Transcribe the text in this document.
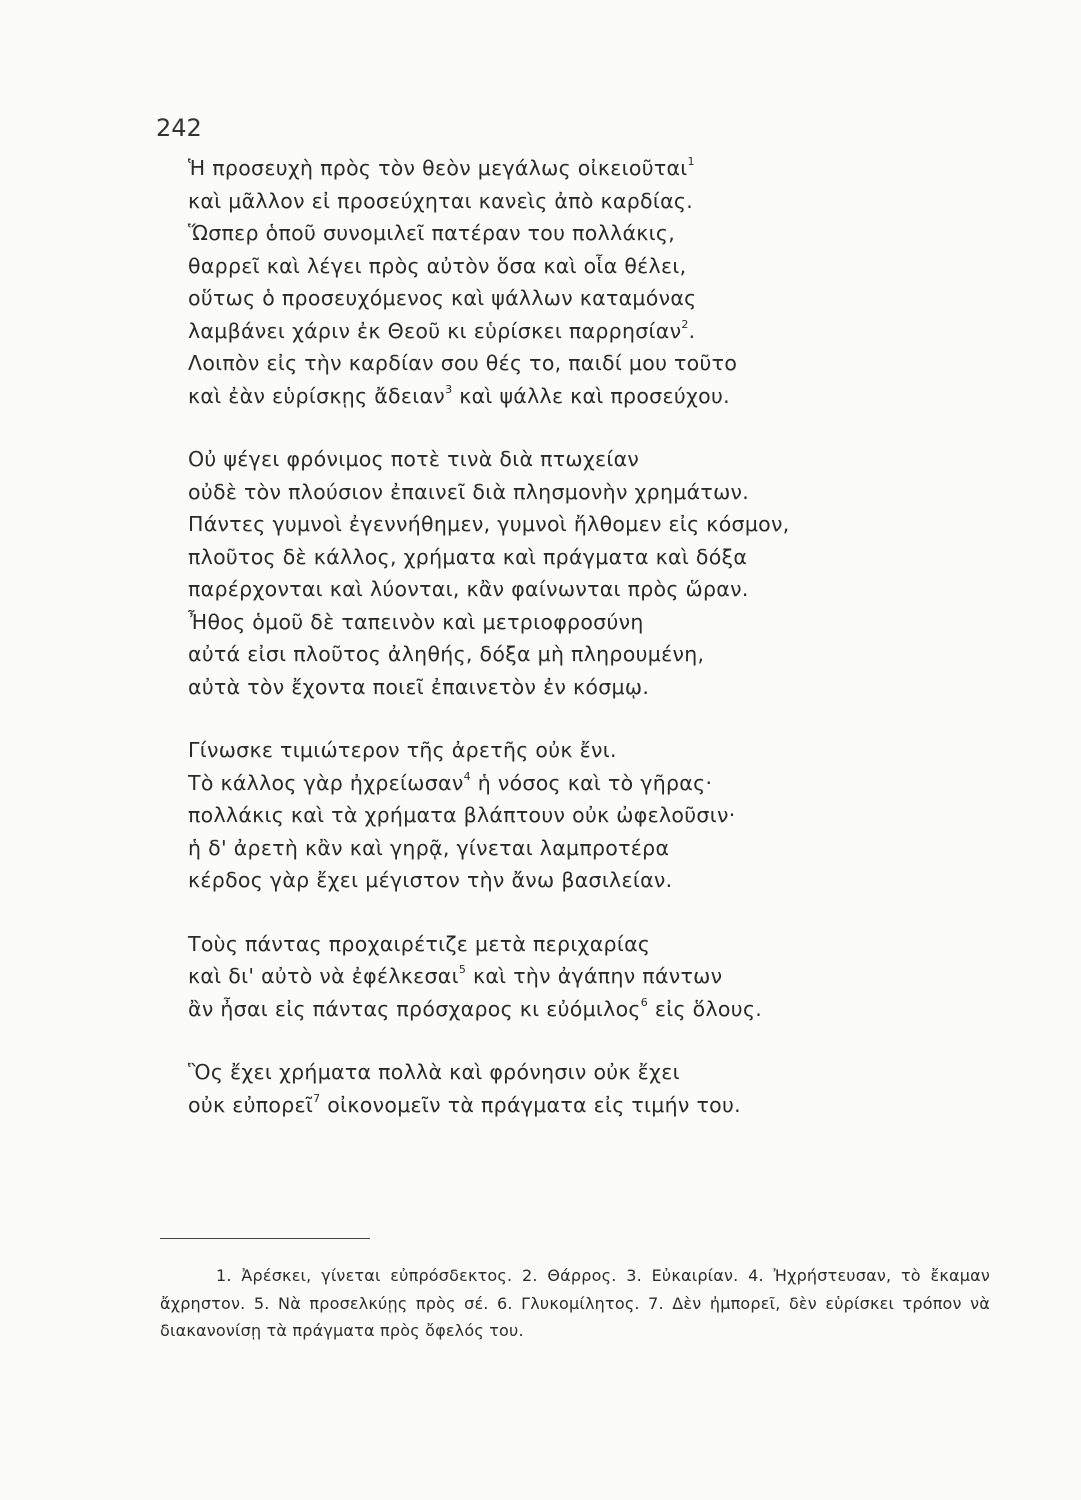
242
Ἡ προσευχὴ πρὸς τὸν θεὸν μεγάλως οἰκειοῦται$^1$
καὶ μᾶλλον εἰ προσεύχηται κανεὶς ἀπὸ καρδίας.
Ὥσπερ ὁποῦ συνομιλεῖ πατέραν του πολλάκις,
θαρρεῖ καὶ λέγει πρὸς αὐτὸν ὅσα καὶ οἷα θέλει,
οὕτως ὁ προσευχόμενος καὶ ψάλλων καταμόνας
λαμβάνει χάριν ἐκ Θεοῦ κι εὑρίσκει παρρησίαν$^2$.
Λοιπὸν εἰς τὴν καρδίαν σου θές το, παιδί μου τοῦτο
καὶ ἐὰν εὑρίσκῃς ἄδειαν$^3$ καὶ ψάλλε καὶ προσεύχου.
Οὐ ψέγει φρόνιμος ποτὲ τινὰ διὰ πτωχείαν
οὐδὲ τὸν πλούσιον ἐπαινεῖ διὰ πλησμονὴν χρημάτων.
Πάντες γυμνοὶ ἐγεννήθημεν, γυμνοὶ ἤλθομεν εἰς κόσμον,
πλοῦτος δὲ κάλλος, χρήματα καὶ πράγματα καὶ δόξα
παρέρχονται καὶ λύονται, κἂν φαίνωνται πρὸς ὥραν.
Ἦθος ὁμοῦ δὲ ταπεινὸν καὶ μετριοφροσύνη
αὐτά εἰσι πλοῦτος ἀληθής, δόξα μὴ πληρουμένη,
αὐτὰ τὸν ἔχοντα ποιεῖ ἐπαινετὸν ἐν κόσμῳ.
Γίνωσκε τιμιώτερον τῆς ἀρετῆς οὐκ ἔνι.
Τὸ κάλλος γὰρ ἠχρείωσαν$^4$ ἡ νόσος καὶ τὸ γῆρας·
πολλάκις καὶ τὰ χρήματα βλάπτουν οὐκ ὠφελοῦσιν·
ἡ δ' ἀρετὴ κἂν καὶ γηρᾷ, γίνεται λαμπροτέρα
κέρδος γὰρ ἔχει μέγιστον τὴν ἄνω βασιλείαν.
Τοὺς πάντας προχαιρέτιζε μετὰ περιχαρίας
καὶ δι' αὐτὸ νὰ ἐφέλκεσαι$^5$ καὶ τὴν ἀγάπην πάντων
ἂν ἦσαι εἰς πάντας πρόσχαρος κι εὐόμιλος$^6$ εἰς ὅλους.
Ὃς ἔχει χρήματα πολλὰ καὶ φρόνησιν οὐκ ἔχει
οὐκ εὐπορεῖ$^7$ οἰκονομεῖν τὰ πράγματα εἰς τιμήν του.
1. Ἀρέσκει, γίνεται εὐπρόσδεκτος. 2. Θάρρος. 3. Εὐκαιρίαν. 4. Ἠχρήστευσαν, τὸ ἔκαμαν ἄχρηστον. 5. Νὰ προσελκύῃς πρὸς σέ. 6. Γλυκομίλητος. 7. Δὲν ἠμπορεῖ, δὲν εὑρίσκει τρόπον νὰ διακανονίσῃ τὰ πράγματα πρὸς ὄφελός του.
